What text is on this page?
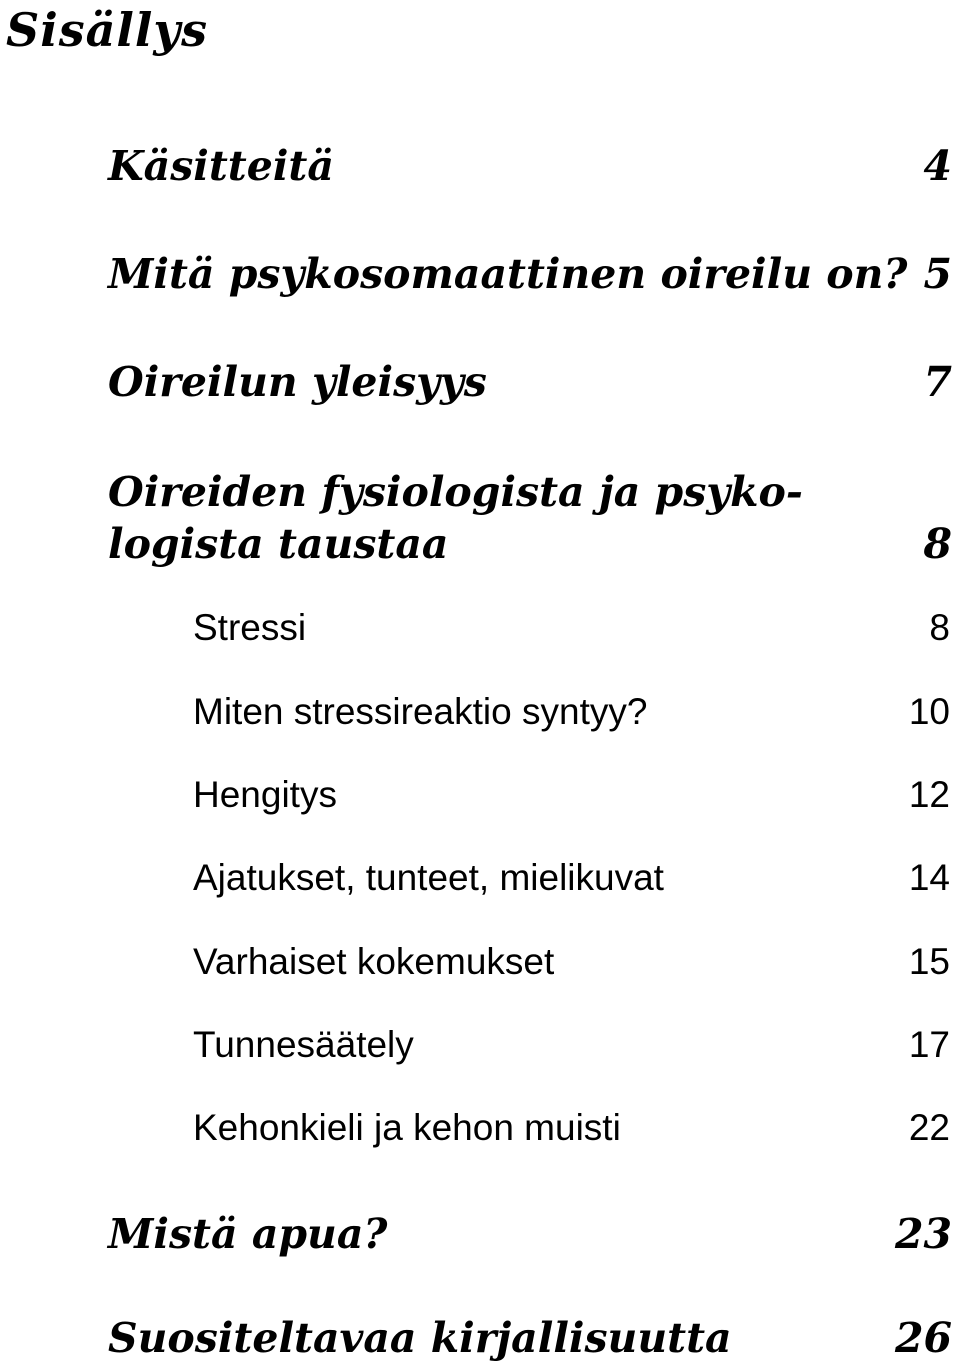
Sisällys
Käsitteitä	4
Mitä psykosomaattinen oireilu on? 5
Oireilun yleisyys	7
Oireiden fysiologista ja psyko-
logista taustaa	8
Stressi	8
Miten stressireaktio syntyy?	10
Hengitys	12
Ajatukset, tunteet, mielikuvat	14
Varhaiset kokemukset	15
Tunnesäätely	17
Kehonkieli ja kehon muisti	22
Mistä apua?	23
Suositeltavaa kirjallisuutta	26
